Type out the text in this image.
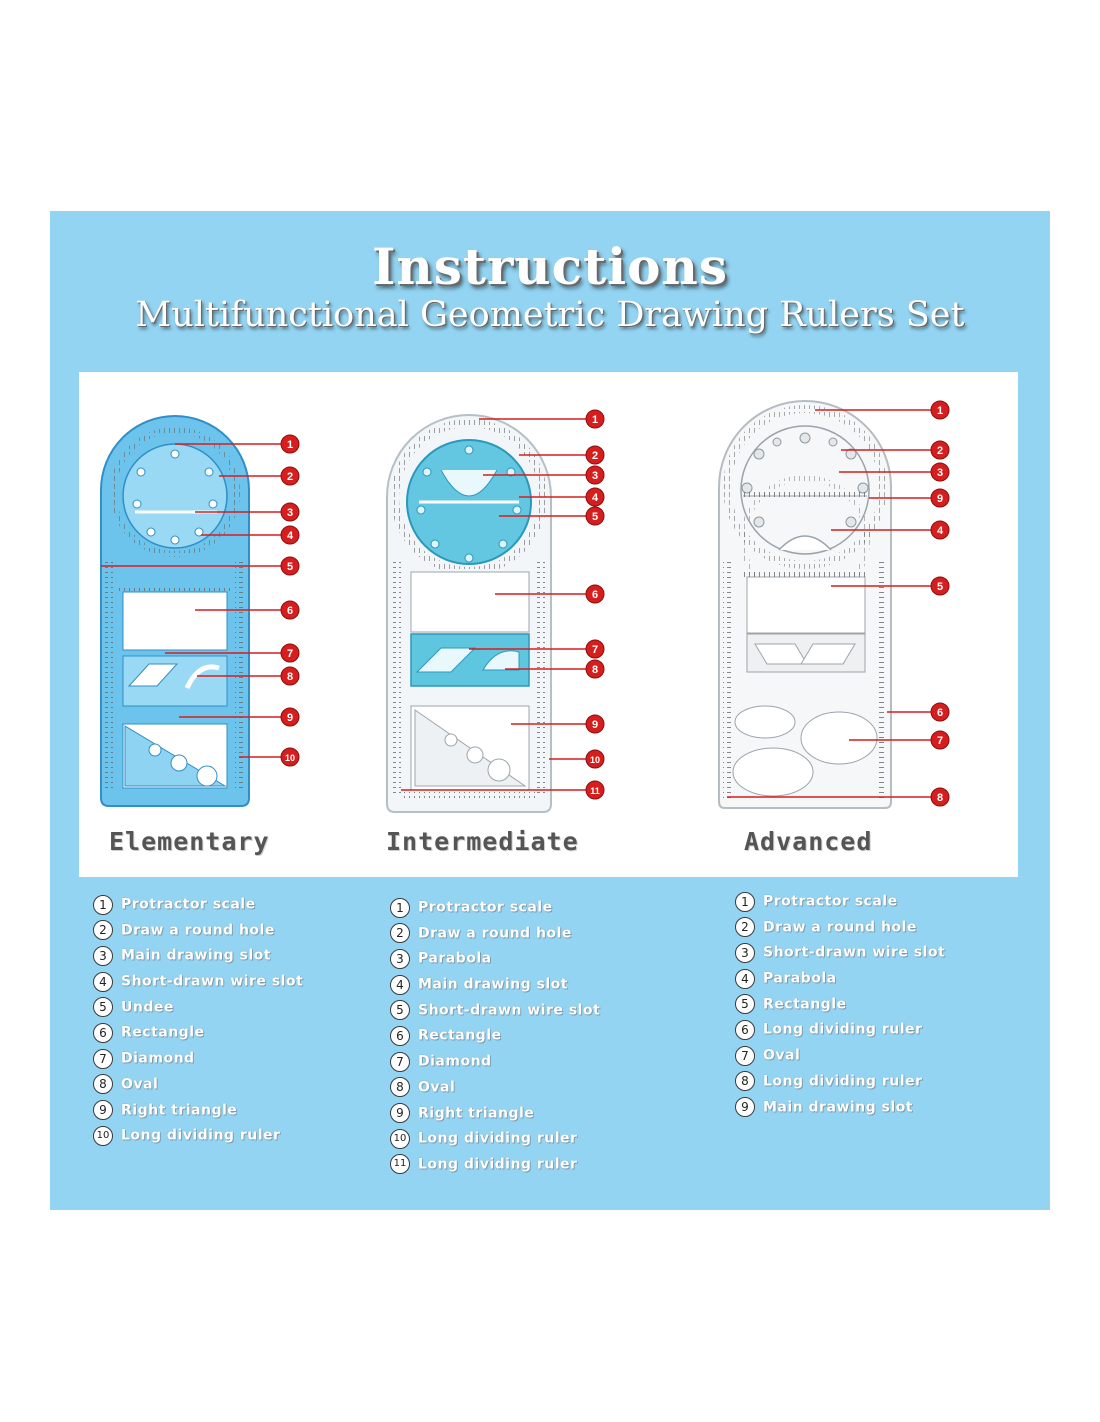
Instructions
Multifunctional Geometric Drawing Rulers Set
1
2
3
4
5
6
7
8
9
10
1
2
3
4
5
6
7
8
9
10
11
1
2
3
9
4
5
6
7
8
Elementary	Intermediate	Advanced
1 Protractor scale
2 Draw a round hole
3 Main drawing slot
4 Short-drawn wire slot
5 Undee
6 Rectangle
7 Diamond
8 Oval
9 Right triangle
10 Long dividing ruler
1 Protractor scale
2 Draw a round hole
3 Parabola
4 Main drawing slot
5 Short-drawn wire slot
6 Rectangle
7 Diamond
8 Oval
9 Right triangle
10 Long dividing ruler
11 Long dividing ruler
1 Protractor scale
2 Draw a round hole
3 Short-drawn wire slot
4 Parabola
5 Rectangle
6 Long dividing ruler
7 Oval
8 Long dividing ruler
9 Main drawing slot
